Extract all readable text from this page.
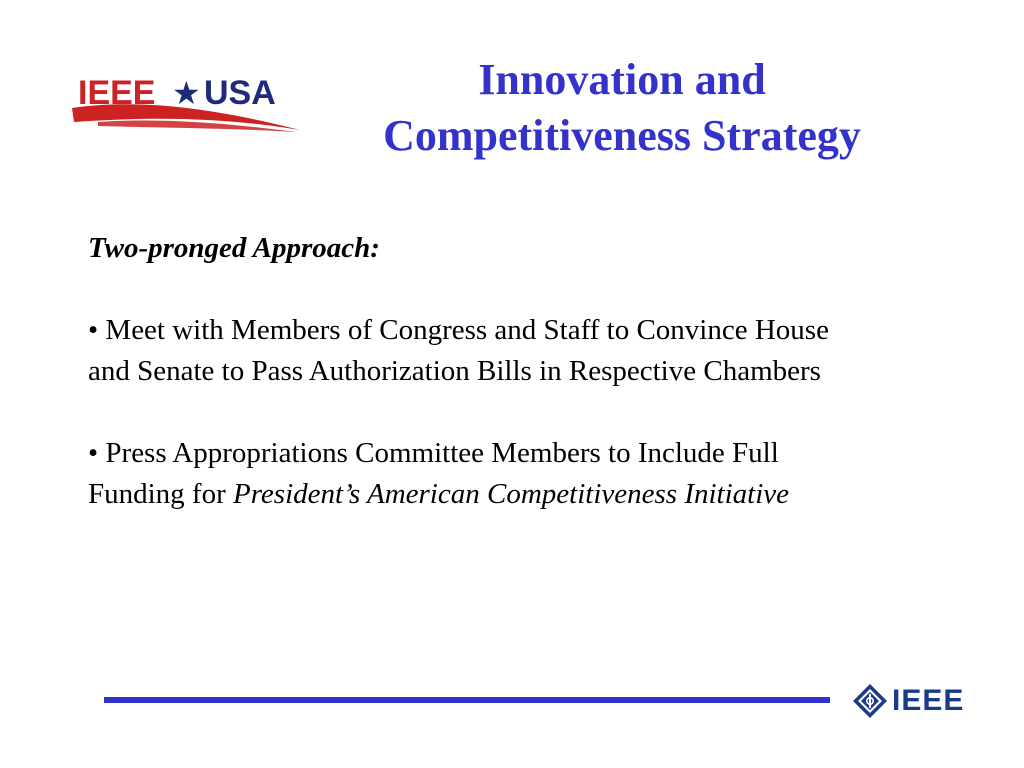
IEEE ★ USA	Innovation and
Competitiveness Strategy

Two-pronged Approach:

• Meet with Members of Congress and Staff to Convince House
and Senate to Pass Authorization Bills in Respective Chambers
• Press Appropriations Committee Members to Include Full
Funding for President’s American Competitiveness Initiative
IEEE
